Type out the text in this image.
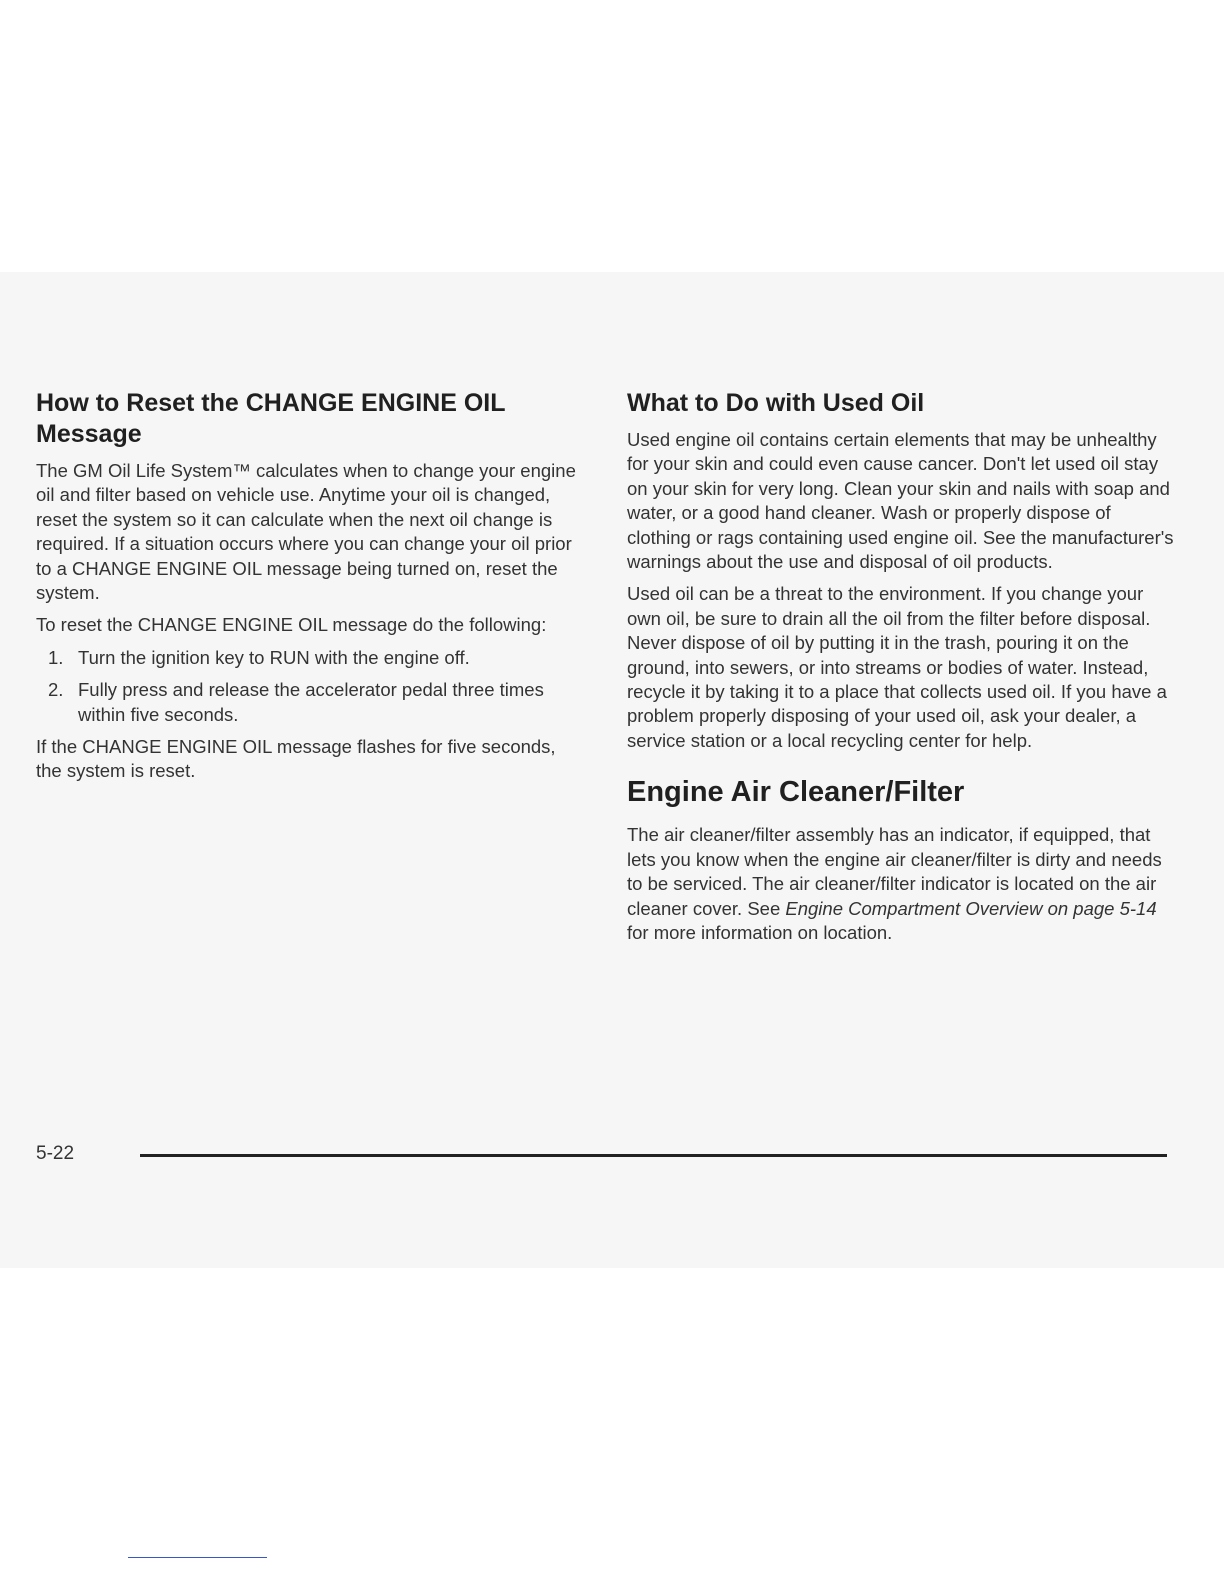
How to Reset the CHANGE ENGINE OIL Message

The GM Oil Life System™ calculates when to change your engine oil and filter based on vehicle use. Anytime your oil is changed, reset the system so it can calculate when the next oil change is required. If a situation occurs where you can change your oil prior to a CHANGE ENGINE OIL message being turned on, reset the system.

To reset the CHANGE ENGINE OIL message do the following:

1. Turn the ignition key to RUN with the engine off.
2. Fully press and release the accelerator pedal three times within five seconds.

If the CHANGE ENGINE OIL message flashes for five seconds, the system is reset.

What to Do with Used Oil

Used engine oil contains certain elements that may be unhealthy for your skin and could even cause cancer. Don't let used oil stay on your skin for very long. Clean your skin and nails with soap and water, or a good hand cleaner. Wash or properly dispose of clothing or rags containing used engine oil. See the manufacturer's warnings about the use and disposal of oil products.

Used oil can be a threat to the environment. If you change your own oil, be sure to drain all the oil from the filter before disposal. Never dispose of oil by putting it in the trash, pouring it on the ground, into sewers, or into streams or bodies of water. Instead, recycle it by taking it to a place that collects used oil. If you have a problem properly disposing of your used oil, ask your dealer, a service station or a local recycling center for help.

Engine Air Cleaner/Filter

The air cleaner/filter assembly has an indicator, if equipped, that lets you know when the engine air cleaner/filter is dirty and needs to be serviced. The air cleaner/filter indicator is located on the air cleaner cover. See Engine Compartment Overview on page 5-14 for more information on location.

5-22
